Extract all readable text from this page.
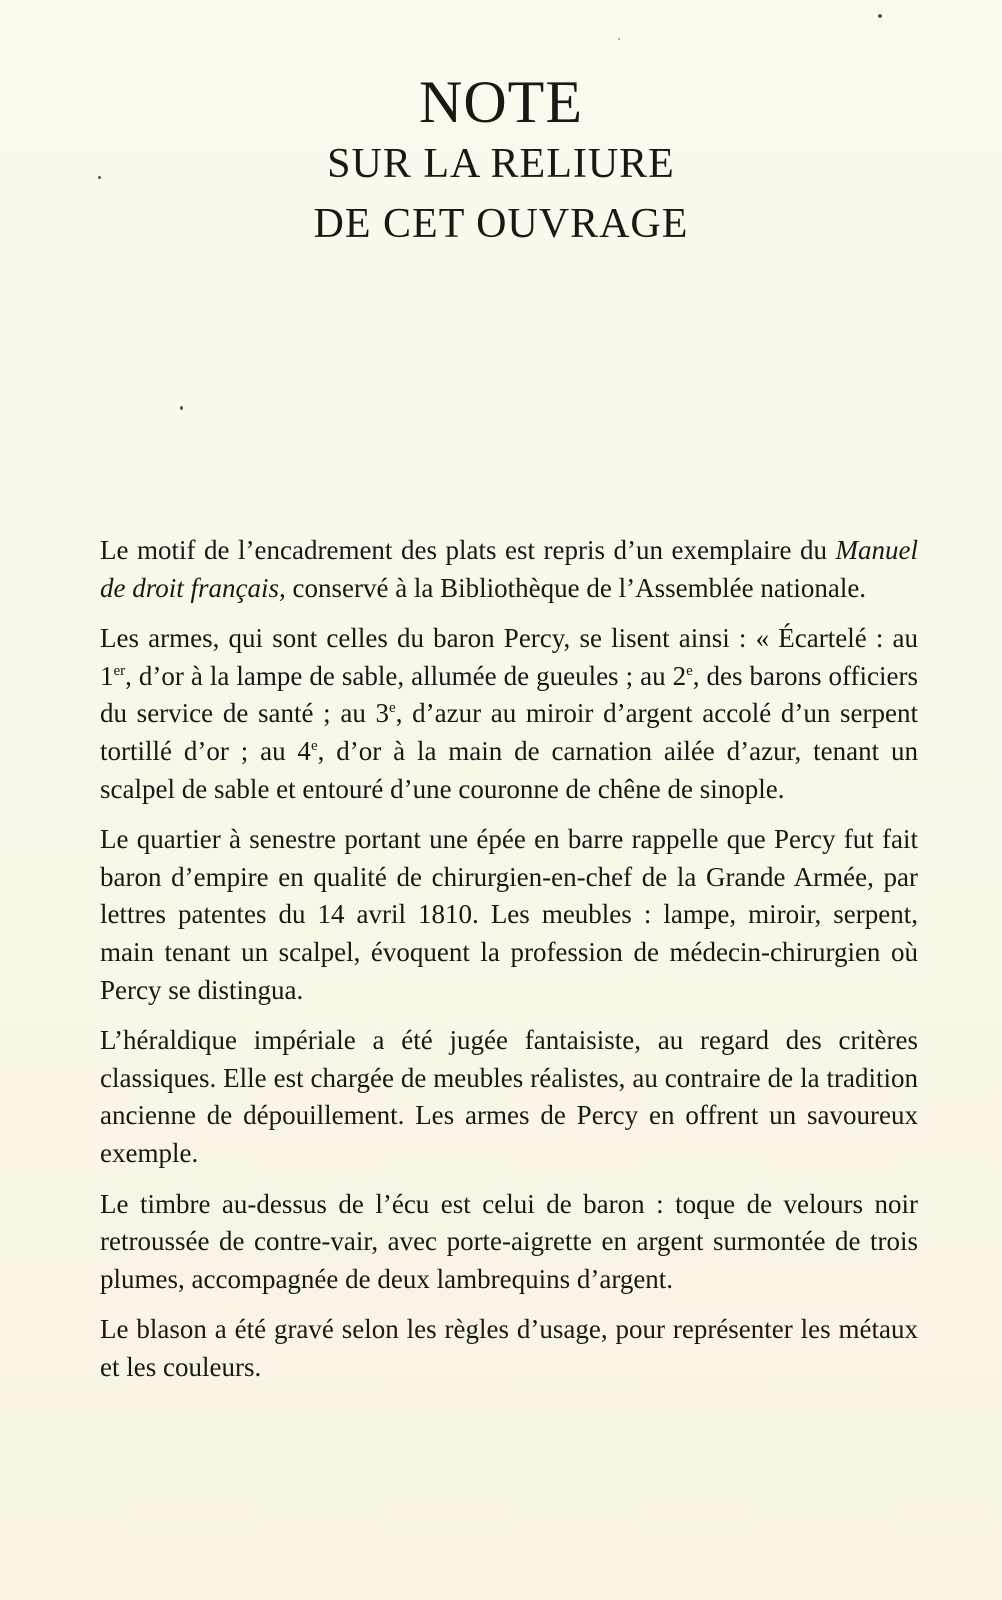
NOTE
SUR LA RELIURE
DE CET OUVRAGE

Le motif de l’encadrement des plats est repris d’un exemplaire du Manuel de droit français, conservé à la Bibliothèque de l’Assemblée nationale.

Les armes, qui sont celles du baron Percy, se lisent ainsi : « Écartelé : au 1er, d’or à la lampe de sable, allumée de gueules ; au 2e, des barons officiers du service de santé ; au 3e, d’azur au miroir d’argent accolé d’un serpent tortillé d’or ; au 4e, d’or à la main de carnation ailée d’azur, tenant un scalpel de sable et entouré d’une couronne de chêne de sinople.

Le quartier à senestre portant une épée en barre rappelle que Percy fut fait baron d’empire en qualité de chirurgien-en-chef de la Grande Armée, par lettres patentes du 14 avril 1810. Les meubles : lampe, miroir, serpent, main tenant un scalpel, évoquent la profession de médecin-chirurgien où Percy se distingua.

L’héraldique impériale a été jugée fantaisiste, au regard des critères classiques. Elle est chargée de meubles réalistes, au contraire de la tradition ancienne de dépouillement. Les armes de Percy en offrent un savoureux exemple.

Le timbre au-dessus de l’écu est celui de baron : toque de velours noir retroussée de contre-vair, avec porte-aigrette en argent surmontée de trois plumes, accompagnée de deux lambrequins d’argent.

Le blason a été gravé selon les règles d’usage, pour représenter les métaux et les couleurs.
